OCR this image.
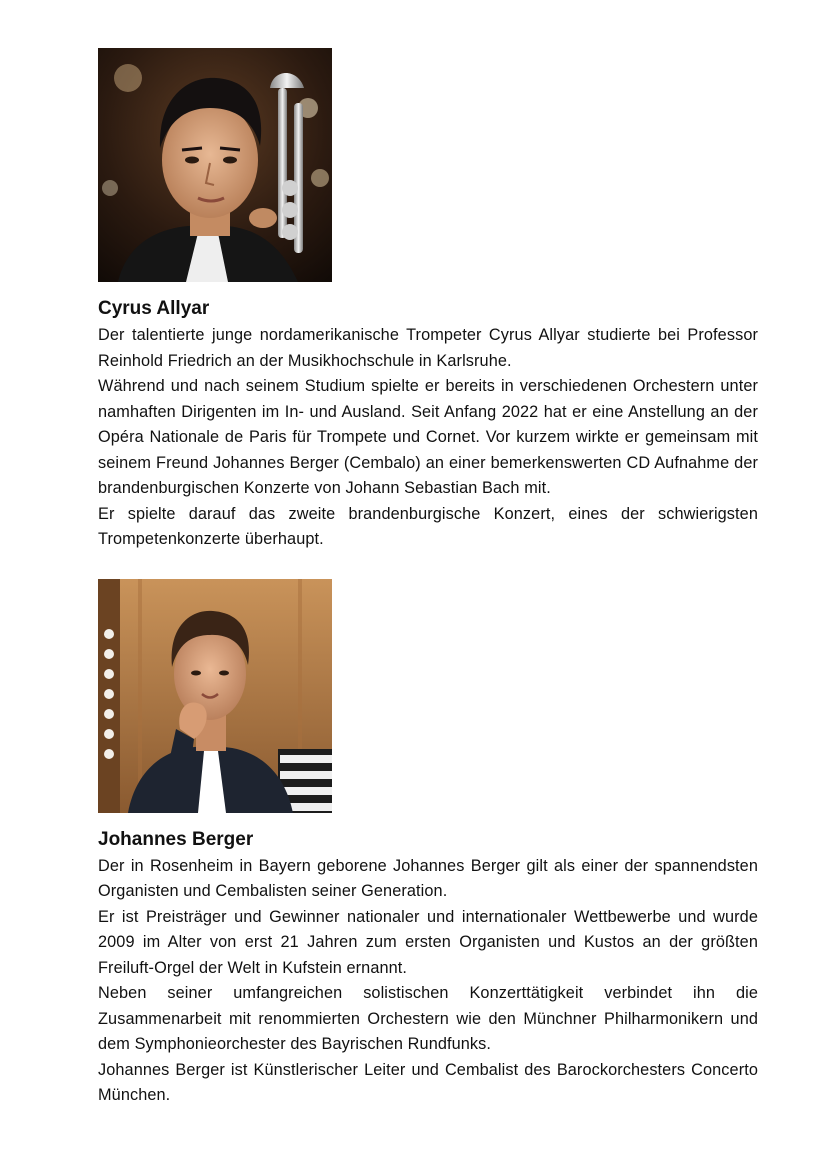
Cyrus Allyar

Der talentierte junge nordamerikanische Trompeter Cyrus Allyar studierte bei Professor Reinhold Friedrich an der Musikhochschule in Karlsruhe.

Während und nach seinem Studium spielte er bereits in verschiedenen Orchestern unter namhaften Dirigenten im In- und Ausland. Seit Anfang 2022 hat er eine Anstellung an der Opéra Nationale de Paris für Trompete und Cornet. Vor kurzem wirkte er gemeinsam mit seinem Freund Johannes Berger (Cembalo) an einer bemerkenswerten CD Aufnahme der brandenburgischen Konzerte von Johann Sebastian Bach mit.

Er spielte darauf das zweite brandenburgische Konzert, eines der schwierigsten Trompetenkonzerte überhaupt.

Johannes Berger

Der in Rosenheim in Bayern geborene Johannes Berger gilt als einer der spannendsten Organisten und Cembalisten seiner Generation.

Er ist Preisträger und Gewinner nationaler und internationaler Wettbewerbe und wurde 2009 im Alter von erst 21 Jahren zum ersten Organisten und Kustos an der größten Freiluft-Orgel der Welt in Kufstein ernannt.

Neben seiner umfangreichen solistischen Konzerttätigkeit verbindet ihn die Zusammenarbeit mit renommierten Orchestern wie den Münchner Philharmonikern und dem Symphonieorchester des Bayrischen Rundfunks.

Johannes Berger ist Künstlerischer Leiter und Cembalist des Barockorchesters Concerto München.
